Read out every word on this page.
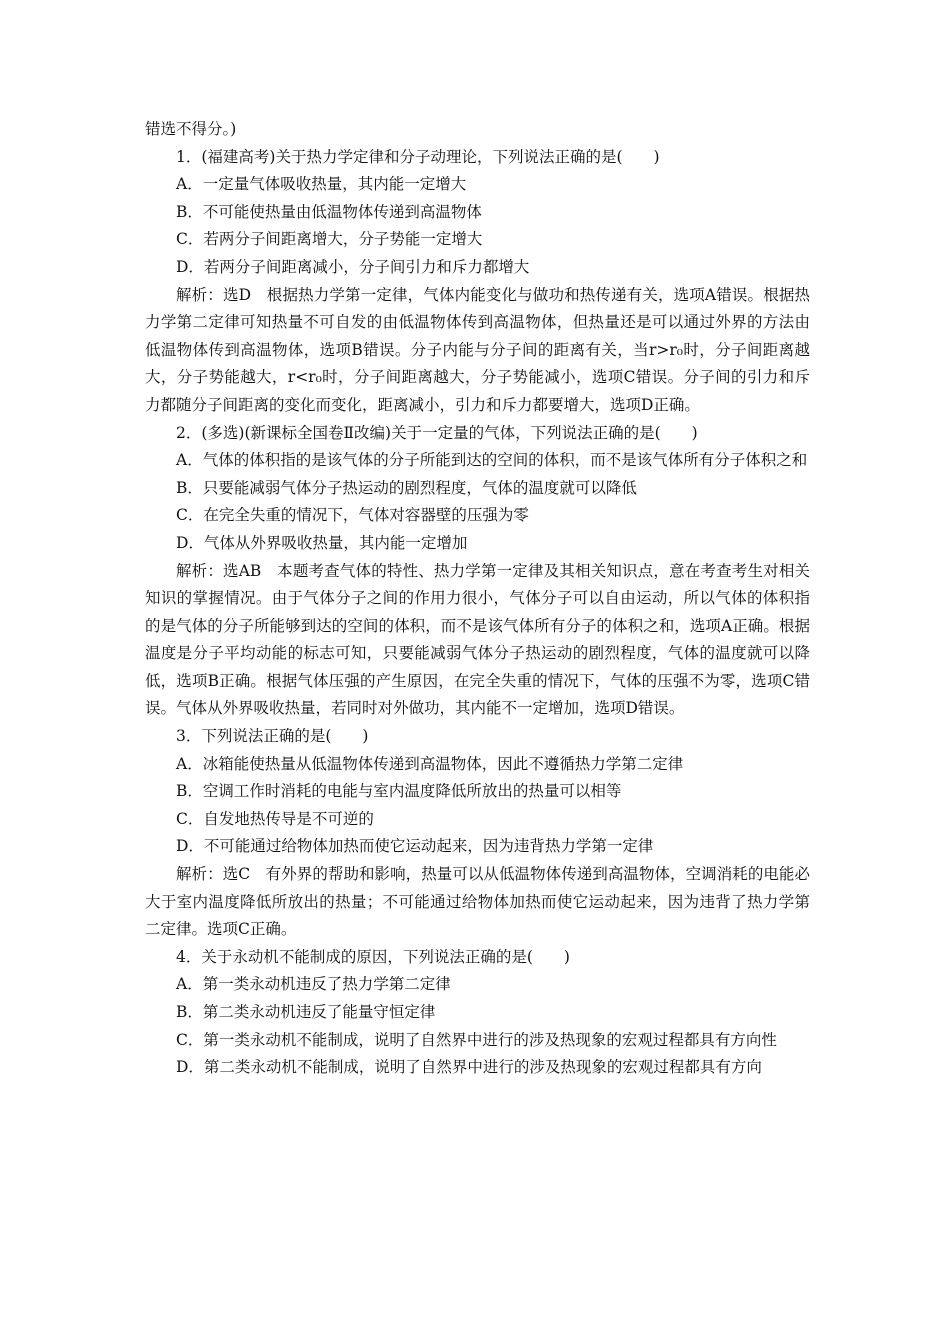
错选不得分。)

1．(福建高考)关于热力学定律和分子动理论，下列说法正确的是(　　)

A．一定量气体吸收热量，其内能一定增大

B．不可能使热量由低温物体传递到高温物体

C．若两分子间距离增大，分子势能一定增大

D．若两分子间距离减小，分子间引力和斥力都增大

解析：选D　根据热力学第一定律，气体内能变化与做功和热传递有关，选项A错误。根据热力学第二定律可知热量不可自发的由低温物体传到高温物体，但热量还是可以通过外界的方法由低温物体传到高温物体，选项B错误。分子内能与分子间的距离有关，当r>r₀时，分子间距离越大，分子势能越大，r<r₀时，分子间距离越大，分子势能减小，选项C错误。分子间的引力和斥力都随分子间距离的变化而变化，距离减小，引力和斥力都要增大，选项D正确。

2．(多选)(新课标全国卷Ⅱ改编)关于一定量的气体，下列说法正确的是(　　)

A．气体的体积指的是该气体的分子所能到达的空间的体积，而不是该气体所有分子体积之和

B．只要能减弱气体分子热运动的剧烈程度，气体的温度就可以降低

C．在完全失重的情况下，气体对容器壁的压强为零

D．气体从外界吸收热量，其内能一定增加

解析：选AB　本题考查气体的特性、热力学第一定律及其相关知识点，意在考查考生对相关知识的掌握情况。由于气体分子之间的作用力很小，气体分子可以自由运动，所以气体的体积指的是气体的分子所能够到达的空间的体积，而不是该气体所有分子的体积之和，选项A正确。根据温度是分子平均动能的标志可知，只要能减弱气体分子热运动的剧烈程度，气体的温度就可以降低，选项B正确。根据气体压强的产生原因，在完全失重的情况下，气体的压强不为零，选项C错误。气体从外界吸收热量，若同时对外做功，其内能不一定增加，选项D错误。

3．下列说法正确的是(　　)

A．冰箱能使热量从低温物体传递到高温物体，因此不遵循热力学第二定律

B．空调工作时消耗的电能与室内温度降低所放出的热量可以相等

C．自发地热传导是不可逆的

D．不可能通过给物体加热而使它运动起来，因为违背热力学第一定律

解析：选C　有外界的帮助和影响，热量可以从低温物体传递到高温物体，空调消耗的电能必大于室内温度降低所放出的热量；不可能通过给物体加热而使它运动起来，因为违背了热力学第二定律。选项C正确。

4．关于永动机不能制成的原因，下列说法正确的是(　　)

A．第一类永动机违反了热力学第二定律

B．第二类永动机违反了能量守恒定律

C．第一类永动机不能制成，说明了自然界中进行的涉及热现象的宏观过程都具有方向性

D．第二类永动机不能制成，说明了自然界中进行的涉及热现象的宏观过程都具有方向
